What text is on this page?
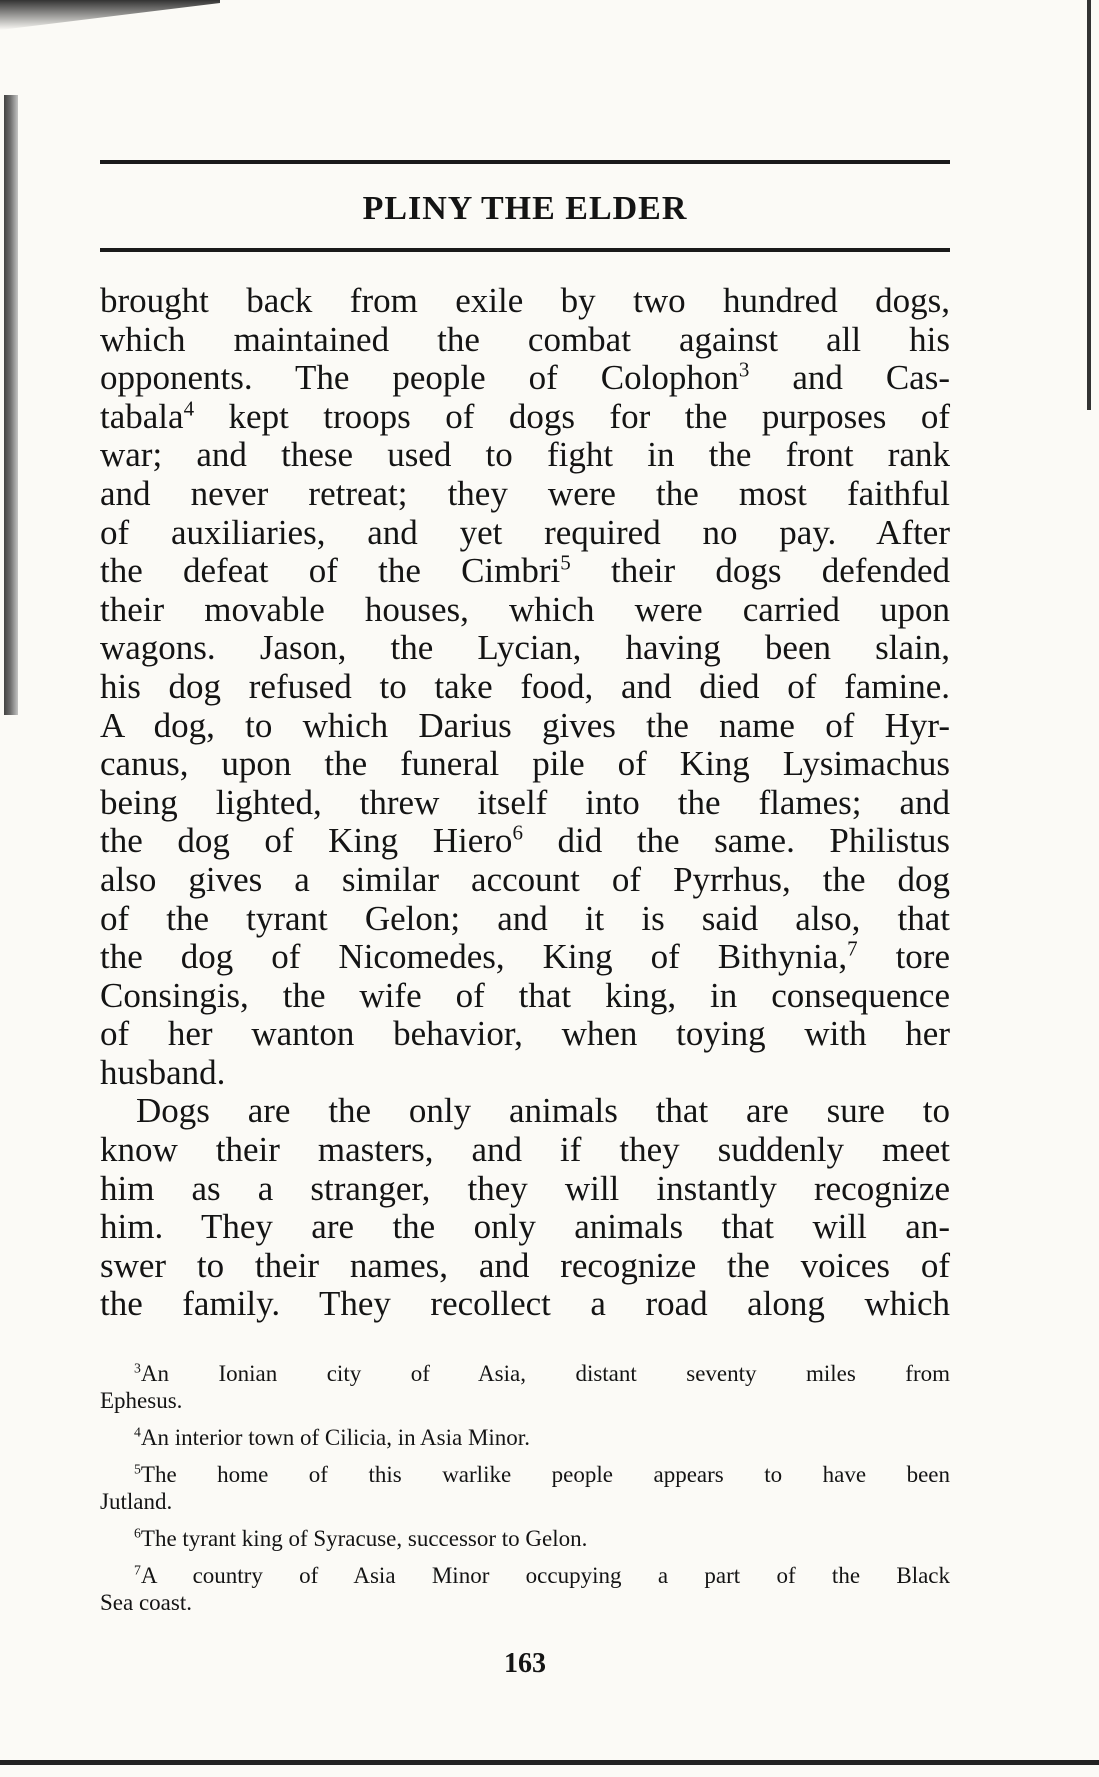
PLINY THE ELDER
brought back from exile by two hundred dogs,
which maintained the combat against all his
opponents. The people of Colophon$^3$ and Cas-
tabala$^4$ kept troops of dogs for the purposes of
war; and these used to fight in the front rank
and never retreat; they were the most faithful
of auxiliaries, and yet required no pay. After
the defeat of the Cimbri$^5$ their dogs defended
their movable houses, which were carried upon
wagons. Jason, the Lycian, having been slain,
his dog refused to take food, and died of famine.
A dog, to which Darius gives the name of Hyr-
canus, upon the funeral pile of King Lysimachus
being lighted, threw itself into the flames; and
the dog of King Hiero$^6$ did the same. Philistus
also gives a similar account of Pyrrhus, the dog
of the tyrant Gelon; and it is said also, that
the dog of Nicomedes, King of Bithynia,$^7$ tore
Consingis, the wife of that king, in consequence
of her wanton behavior, when toying with her
husband.
Dogs are the only animals that are sure to
know their masters, and if they suddenly meet
him as a stranger, they will instantly recognize
him. They are the only animals that will an-
swer to their names, and recognize the voices of
the family. They recollect a road along which
$^3$An Ionian city of Asia, distant seventy miles from
Ephesus.
$^4$An interior town of Cilicia, in Asia Minor.
$^5$The home of this warlike people appears to have been
Jutland.
$^6$The tyrant king of Syracuse, successor to Gelon.
$^7$A country of Asia Minor occupying a part of the Black
Sea coast.
163
